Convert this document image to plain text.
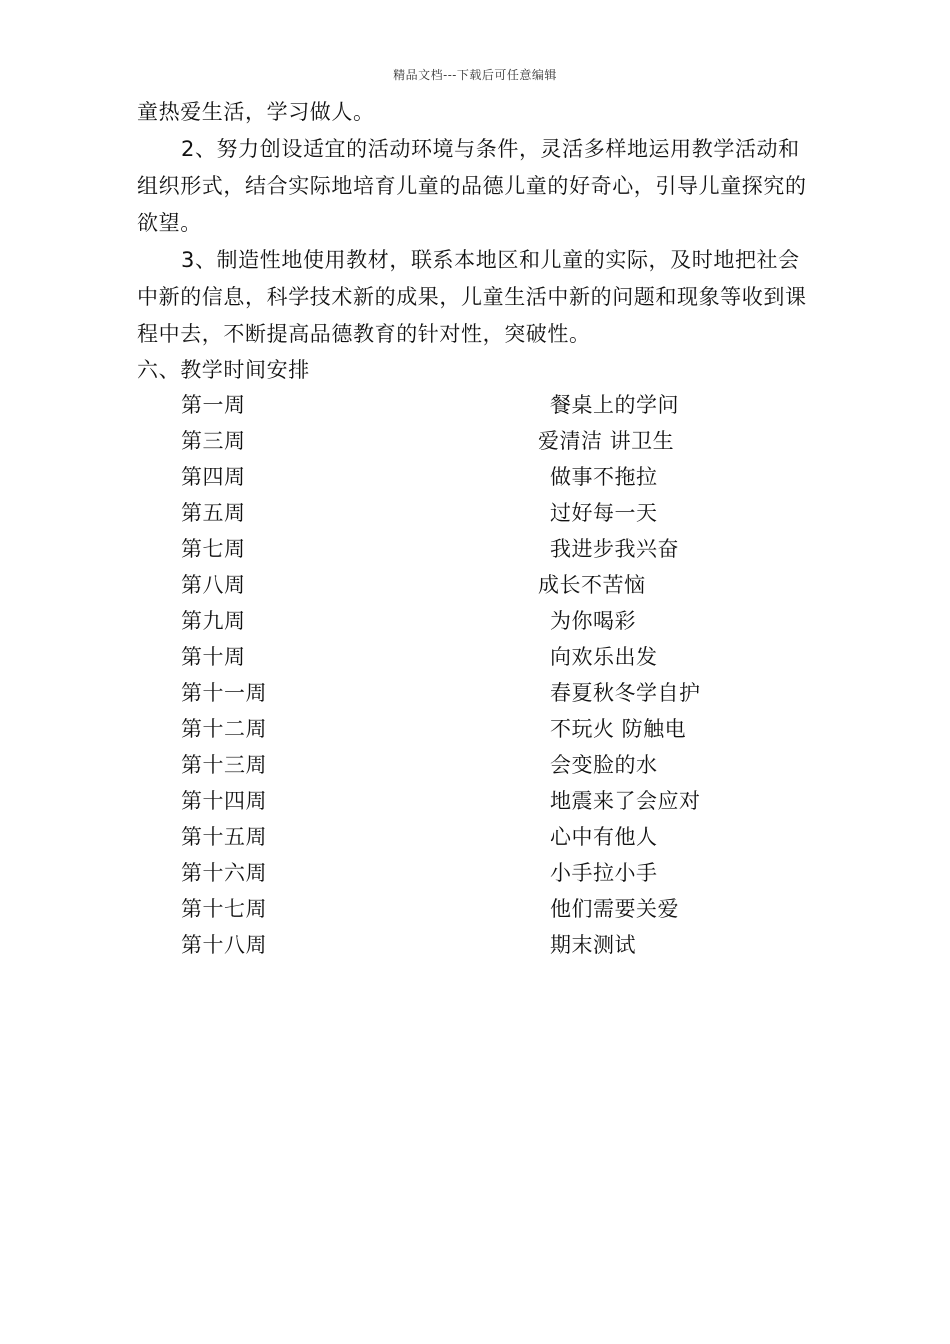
精品文档---下载后可任意编辑
童热爱生活，学习做人。
2、努力创设适宜的活动环境与条件，灵活多样地运用教学活动和
组织形式，结合实际地培育儿童的品德儿童的好奇心，引导儿童探究的
欲望。
3、制造性地使用教材，联系本地区和儿童的实际，及时地把社会
中新的信息，科学技术新的成果，儿童生活中新的问题和现象等收到课
程中去，不断提高品德教育的针对性，突破性。
六、教学时间安排
第一周	餐桌上的学问
第三周	爱清洁 讲卫生
第四周	做事不拖拉
第五周	过好每一天
第七周	我进步我兴奋
第八周	成长不苦恼
第九周	为你喝彩
第十周	向欢乐出发
第十一周	春夏秋冬学自护
第十二周	不玩火 防触电
第十三周	会变脸的水
第十四周	地震来了会应对
第十五周	心中有他人
第十六周	小手拉小手
第十七周	他们需要关爱
第十八周	期末测试
